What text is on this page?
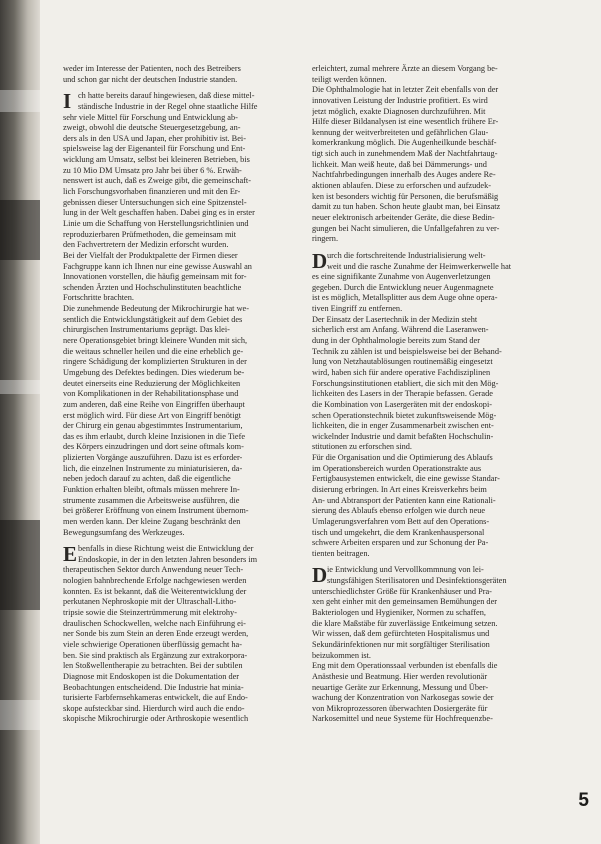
weder im Interesse der Patienten, noch des Betreibers
und schon gar nicht der deutschen Industrie standen.
I ch hatte bereits darauf hingewiesen, daß diese mittel-
ständische Industrie in der Regel ohne staatliche Hilfe
sehr viele Mittel für Forschung und Entwicklung ab-
zweigt, obwohl die deutsche Steuergesetzgebung, an-
ders als in den USA und Japan, eher prohibitiv ist. Bei-
spielsweise lag der Eigenanteil für Forschung und Ent-
wicklung am Umsatz, selbst bei kleineren Betrieben, bis
zu 10 Mio DM Umsatz pro Jahr bei über 6 %. Erwäh-
nenswert ist auch, daß es Zweige gibt, die gemeinschaft-
lich Forschungsvorhaben finanzieren und mit den Er-
gebnissen dieser Untersuchungen sich eine Spitzenstel-
lung in der Welt geschaffen haben. Dabei ging es in erster
Linie um die Schaffung von Herstellungsrichtlinien und
reproduzierbaren Prüfmethoden, die gemeinsam mit
den Fachvertretern der Medizin erforscht wurden.
Bei der Vielfalt der Produktpalette der Firmen dieser
Fachgruppe kann ich Ihnen nur eine gewisse Auswahl an
Innovationen vorstellen, die häufig gemeinsam mit for-
schenden Ärzten und Hochschulinstituten beachtliche
Fortschritte brachten.
Die zunehmende Bedeutung der Mikrochirurgie hat we-
sentlich die Entwicklungstätigkeit auf dem Gebiet des
chirurgischen Instrumentariums geprägt. Das klei-
nere Operationsgebiet bringt kleinere Wunden mit sich,
die weitaus schneller heilen und die eine erheblich ge-
ringere Schädigung der komplizierten Strukturen in der
Umgebung des Defektes bedingen. Dies wiederum be-
deutet einerseits eine Reduzierung der Möglichkeiten
von Komplikationen in der Rehabilitationsphase und
zum anderen, daß eine Reihe von Eingriffen überhaupt
erst möglich wird. Für diese Art von Eingriff benötigt
der Chirurg ein genau abgestimmtes Instrumentarium,
das es ihm erlaubt, durch kleine Inzisionen in die Tiefe
des Körpers einzudringen und dort seine oftmals kom-
plizierten Vorgänge auszuführen. Dazu ist es erforder-
lich, die einzelnen Instrumente zu miniaturisieren, da-
neben jedoch darauf zu achten, daß die eigentliche
Funktion erhalten bleibt, oftmals müssen mehrere In-
strumente zusammen die Arbeitsweise ausführen, die
bei größerer Eröffnung von einem Instrument übernom-
men werden kann. Der kleine Zugang beschränkt den
Bewegungsumfang des Werkzeuges.
E benfalls in diese Richtung weist die Entwicklung der
Endoskopie, in der in den letzten Jahren besonders im
therapeutischen Sektor durch Anwendung neuer Tech-
nologien bahnbrechende Erfolge nachgewiesen werden
konnten. Es ist bekannt, daß die Weiterentwicklung der
perkutanen Nephroskopie mit der Ultraschall-Litho-
tripsie sowie die Steinzertrümmerung mit elektrohy-
draulischen Schockwellen, welche nach Einführung ei-
ner Sonde bis zum Stein an deren Ende erzeugt werden,
viele schwierige Operationen überflüssig gemacht ha-
ben. Sie sind praktisch als Ergänzung zur extrakorpora-
len Stoßwellentherapie zu betrachten. Bei der subtilen
Diagnose mit Endoskopen ist die Dokumentation der
Beobachtungen entscheidend. Die Industrie hat minia-
turisierte Farbfernsehkameras entwickelt, die auf Endo-
skope aufsteckbar sind. Hierdurch wird auch die endo-
skopische Mikrochirurgie oder Arthroskopie wesentlich
erleichtert, zumal mehrere Ärzte an diesem Vorgang be-
teiligt werden können.
Die Ophthalmologie hat in letzter Zeit ebenfalls von der
innovativen Leistung der Industrie profitiert. Es wird
jetzt möglich, exakte Diagnosen durchzuführen. Mit
Hilfe dieser Bildanalysen ist eine wesentlich frühere Er-
kennung der weitverbreiteten und gefährlichen Glau-
komerkrankung möglich. Die Augenheilkunde beschäf-
tigt sich auch in zunehmendem Maß der Nachtfahrtaug-
lichkeit. Man weiß heute, daß bei Dämmerungs- und
Nachtfahrbedingungen innerhalb des Auges andere Re-
aktionen ablaufen. Diese zu erforschen und aufzudek-
ken ist besonders wichtig für Personen, die berufsmäßig
damit zu tun haben. Schon heute glaubt man, bei Einsatz
neuer elektronisch arbeitender Geräte, die diese Bedin-
gungen bei Nacht simulieren, die Unfallgefahren zu ver-
ringern.
D urch die fortschreitende Industrialisierung welt-
weit und die rasche Zunahme der Heimwerkerwelle hat
es eine signifikante Zunahme von Augenverletzungen
gegeben. Durch die Entwicklung neuer Augenmagnete
ist es möglich, Metallsplitter aus dem Auge ohne opera-
tiven Eingriff zu entfernen.
Der Einsatz der Lasertechnik in der Medizin steht
sicherlich erst am Anfang. Während die Laseranwen-
dung in der Ophthalmologie bereits zum Stand der
Technik zu zählen ist und beispielsweise bei der Behand-
lung von Netzhautablösungen routinemäßig eingesetzt
wird, haben sich für andere operative Fachdisziplinen
Forschungsinstitutionen etabliert, die sich mit den Mög-
lichkeiten des Lasers in der Therapie befassen. Gerade
die Kombination von Lasergeräten mit der endoskopi-
schen Operationstechnik bietet zukunftsweisende Mög-
lichkeiten, die in enger Zusammenarbeit zwischen ent-
wickelnder Industrie und damit befaßten Hochschulin-
stitutionen zu erforschen sind.
Für die Organisation und die Optimierung des Ablaufs
im Operationsbereich wurden Operationstrakte aus
Fertigbausystemen entwickelt, die eine gewisse Standar-
disierung erbringen. In Art eines Kreisverkehrs beim
An- und Abtransport der Patienten kann eine Rationali-
sierung des Ablaufs ebenso erfolgen wie durch neue
Umlagerungsverfahren vom Bett auf den Operations-
tisch und umgekehrt, die dem Krankenhauspersonal
schwere Arbeiten ersparen und zur Schonung der Pa-
tienten beitragen.
D ie Entwicklung und Vervollkommnung von lei-
stungsfähigen Sterilisatoren und Desinfektionsgeräten
unterschiedlichster Größe für Krankenhäuser und Pra-
xen geht einher mit den gemeinsamen Bemühungen der
Bakteriologen und Hygieniker, Normen zu schaffen,
die klare Maßstäbe für zuverlässige Entkeimung setzen.
Wir wissen, daß dem gefürchteten Hospitalismus und
Sekundärinfektionen nur mit sorgfältiger Sterilisation
beizukommen ist.
Eng mit dem Operationssaal verbunden ist ebenfalls die
Anästhesie und Beatmung. Hier werden revolutionär
neuartige Geräte zur Erkennung, Messung und Über-
wachung der Konzentration von Narkosegas sowie der
von Mikroprozessoren überwachten Dosiergeräte für
Narkosemittel und neue Systeme für Hochfrequenzbe-
5
